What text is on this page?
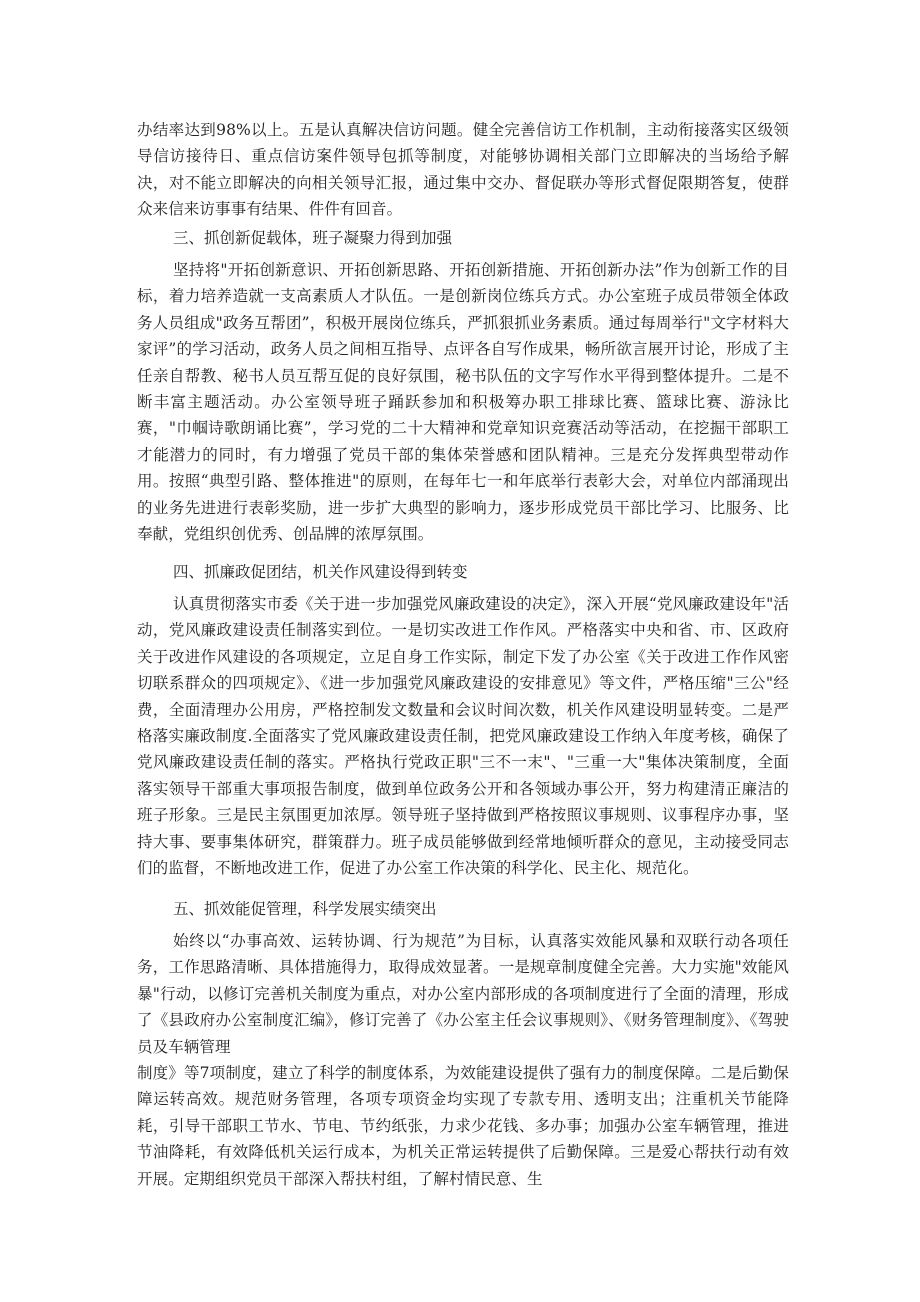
办结率达到98%以上。五是认真解决信访问题。健全完善信访工作机制，主动衔接落实区级领导信访接待日、重点信访案件领导包抓等制度，对能够协调相关部门立即解决的当场给予解决，对不能立即解决的向相关领导汇报，通过集中交办、督促联办等形式督促限期答复，使群众来信来访事事有结果、件件有回音。

三、抓创新促载体，班子凝聚力得到加强

坚持将"开拓创新意识、开拓创新思路、开拓创新措施、开拓创新办法”作为创新工作的目标，着力培养造就一支高素质人才队伍。一是创新岗位练兵方式。办公室班子成员带领全体政务人员组成"政务互帮团”，积极开展岗位练兵，严抓狠抓业务素质。通过每周举行"文字材料大家评”的学习活动，政务人员之间相互指导、点评各自写作成果，畅所欲言展开讨论，形成了主任亲自帮教、秘书人员互帮互促的良好氛围，秘书队伍的文字写作水平得到整体提升。二是不断丰富主题活动。办公室领导班子踊跃参加和积极筹办职工排球比赛、篮球比赛、游泳比赛，"巾帼诗歌朗诵比赛”，学习党的二十大精神和党章知识竞赛活动等活动，在挖掘干部职工才能潜力的同时，有力增强了党员干部的集体荣誉感和团队精神。三是充分发挥典型带动作用。按照“典型引路、整体推进"的原则，在每年七一和年底举行表彰大会，对单位内部涌现出的业务先进进行表彰奖励，进一步扩大典型的影响力，逐步形成党员干部比学习、比服务、比奉献，党组织创优秀、创品牌的浓厚氛围。

四、抓廉政促团结，机关作风建设得到转变

认真贯彻落实市委《关于进一步加强党风廉政建设的决定》，深入开展“党风廉政建设年"活动，党风廉政建设责任制落实到位。一是切实改进工作作风。严格落实中央和省、市、区政府关于改进作风建设的各项规定，立足自身工作实际，制定下发了办公室《关于改进工作作风密切联系群众的四项规定》、《进一步加强党风廉政建设的安排意见》等文件，严格压缩"三公"经费，全面清理办公用房，严格控制发文数量和会议时间次数，机关作风建设明显转变。二是严格落实廉政制度.全面落实了党风廉政建设责任制，把党风廉政建设工作纳入年度考核，确保了党风廉政建设责任制的落实。严格执行党政正职"三不一末"、"三重一大"集体决策制度，全面落实领导干部重大事项报告制度，做到单位政务公开和各领域办事公开，努力构建清正廉洁的班子形象。三是民主氛围更加浓厚。领导班子坚持做到严格按照议事规则、议事程序办事，坚持大事、要事集体研究，群策群力。班子成员能够做到经常地倾听群众的意见，主动接受同志们的监督，不断地改进工作，促进了办公室工作决策的科学化、民主化、规范化。

五、抓效能促管理，科学发展实绩突出

始终以“办事高效、运转协调、行为规范”为目标，认真落实效能风暴和双联行动各项任务，工作思路清晰、具体措施得力，取得成效显著。一是规章制度健全完善。大力实施"效能风暴"行动，以修订完善机关制度为重点，对办公室内部形成的各项制度进行了全面的清理，形成了《县政府办公室制度汇编》，修订完善了《办公室主任会议事规则》、《财务管理制度》、《驾驶员及车辆管理

制度》等7项制度，建立了科学的制度体系，为效能建设提供了强有力的制度保障。二是后勤保障运转高效。规范财务管理，各项专项资金均实现了专款专用、透明支出；注重机关节能降耗，引导干部职工节水、节电、节约纸张，力求少花钱、多办事；加强办公室车辆管理，推进节油降耗，有效降低机关运行成本，为机关正常运转提供了后勤保障。三是爱心帮扶行动有效开展。定期组织党员干部深入帮扶村组，了解村情民意、生
